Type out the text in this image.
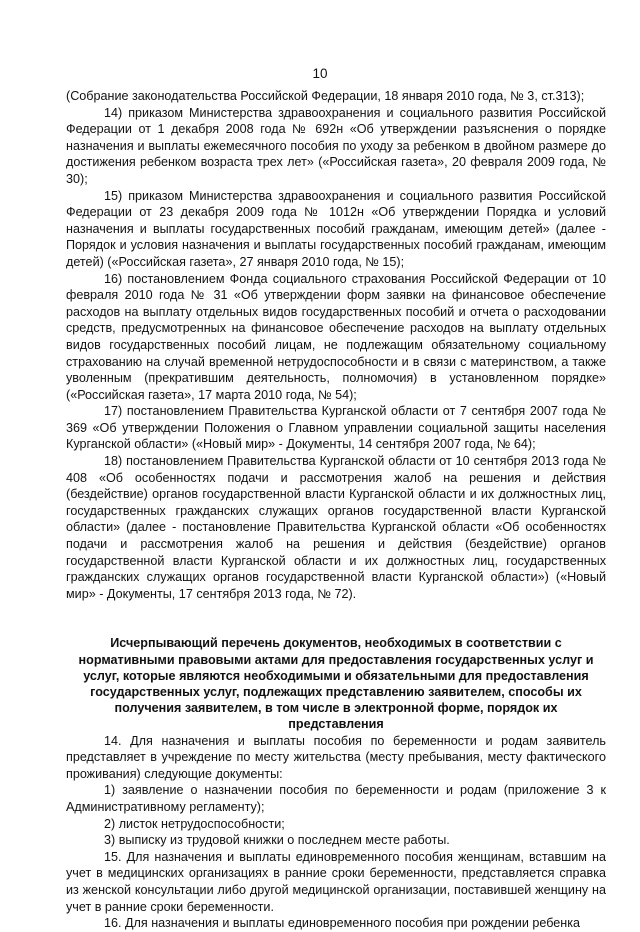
10

(Собрание законодательства Российской Федерации, 18 января 2010 года, № 3, ст.313);

14) приказом Министерства здравоохранения и социального развития Российской Федерации от 1 декабря 2008 года № 692н «Об утверждении разъяснения о порядке назначения и выплаты ежемесячного пособия по уходу за ребенком в двойном размере до достижения ребенком возраста трех лет» («Российская газета», 20 февраля 2009 года, № 30);

15) приказом Министерства здравоохранения и социального развития Российской Федерации от 23 декабря 2009 года № 1012н «Об утверждении Порядка и условий назначения и выплаты государственных пособий гражданам, имеющим детей» (далее - Порядок и условия назначения и выплаты государственных пособий гражданам, имеющим детей) («Российская газета», 27 января 2010 года, № 15);

16) постановлением Фонда социального страхования Российской Федерации от 10 февраля 2010 года № 31 «Об утверждении форм заявки на финансовое обеспечение расходов на выплату отдельных видов государственных пособий и отчета о расходовании средств, предусмотренных на финансовое обеспечение расходов на выплату отдельных видов государственных пособий лицам, не подлежащим обязательному социальному страхованию на случай временной нетрудоспособности и в связи с материнством, а также уволенным (прекратившим деятельность, полномочия) в установленном порядке» («Российская газета», 17 марта 2010 года, № 54);

17) постановлением Правительства Курганской области от 7 сентября 2007 года № 369 «Об утверждении Положения о Главном управлении социальной защиты населения Курганской области» («Новый мир» - Документы, 14 сентября 2007 года, № 64);

18) постановлением Правительства Курганской области от 10 сентября 2013 года № 408 «Об особенностях подачи и рассмотрения жалоб на решения и действия (бездействие) органов государственной власти Курганской области и их должностных лиц, государственных гражданских служащих органов государственной власти Курганской области» (далее - постановление Правительства Курганской области «Об особенностях подачи и рассмотрения жалоб на решения и действия (бездействие) органов государственной власти Курганской области и их должностных лиц, государственных гражданских служащих органов государственной власти Курганской области») («Новый мир» - Документы, 17 сентября 2013 года, № 72).

Исчерпывающий перечень документов, необходимых в соответствии с нормативными правовыми актами для предоставления государственных услуг и услуг, которые являются необходимыми и обязательными для предоставления государственных услуг, подлежащих представлению заявителем, способы их получения заявителем, в том числе в электронной форме, порядок их представления

14. Для назначения и выплаты пособия по беременности и родам заявитель представляет в учреждение по месту жительства (месту пребывания, месту фактического проживания) следующие документы:

1) заявление о назначении пособия по беременности и родам (приложение 3 к Административному регламенту);

2) листок нетрудоспособности;

3) выписку из трудовой книжки о последнем месте работы.

15. Для назначения и выплаты единовременного пособия женщинам, вставшим на учет в медицинских организациях в ранние сроки беременности, представляется справка из женской консультации либо другой медицинской организации, поставившей женщину на учет в ранние сроки беременности.

16. Для назначения и выплаты единовременного пособия при рождении ребенка
